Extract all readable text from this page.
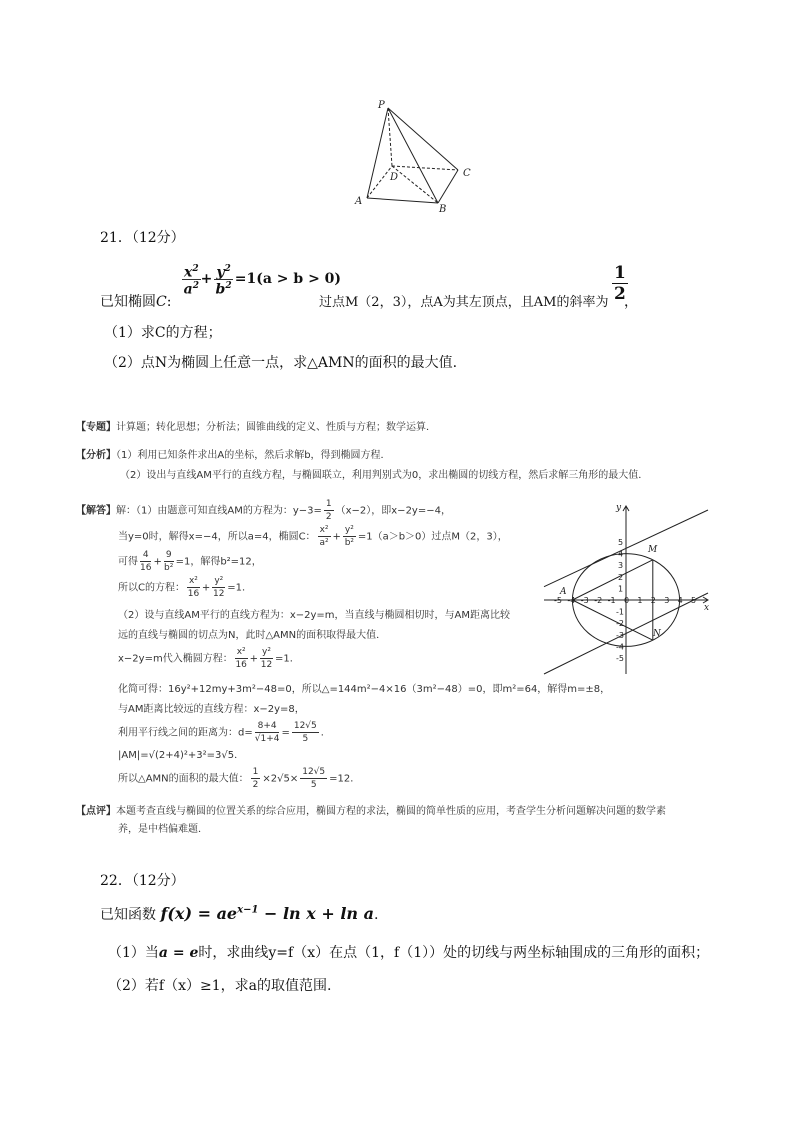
P
D	C
A
B
21．（12分）
已知椭圆C:
$\frac{x^2}{a^2} + \frac{y^2}{b^2} =1(a > b > 0)$
过点M（2，3），点A为其左顶点，且AM的斜率为 $\frac{1}{2}$
，
（1）求C的方程；
（2）点N为椭圆上任意一点，求△AMN的面积的最大值.
【专题】计算题；转化思想；分析法；圆锥曲线的定义、性质与方程；数学运算．
【分析】（1）利用已知条件求出A的坐标，然后求解b，得到椭圆方程．
（2）设出与直线AM平行的直线方程，与椭圆联立，利用判别式为0，求出椭圆的切线方程，然后求解三角形的最大值．
【解答】解：（1）由题意可知直线AM的方程为：$y-3= \frac{1}{2} (x-2)$，即x−2y=−4，
当y=0时，解得x=−4，所以a=4，椭圆C： $\frac{\text{x²}}{\text{a²}} + \frac{\text{y²}}{\text{b²}} =1(a>b>0)$过点M（2，3），
可得 $\frac{4}{16} + \frac{9}{\text{b²}} =1$，解得b²=12，
所以C的方程： $\frac{\text{x²}}{16} + \frac{\text{y²}}{12} =1$．
（2）设与直线AM平行的直线方程为：x−2y=m，当直线与椭圆相切时，与AM距离比较
远的直线与椭圆的切点为N，此时△AMN的面积取得最大值．
x−2y=m代入椭圆方程： $\frac{\text{x²}}{16} + \frac{\text{y²}}{12} =1$．
化简可得：16y²+12my+3m²−48=0，所以△=144m²−4×16（3m²−48）=0，即m²=64，解得m=±8，
与AM距离比较远的直线方程：x−2y=8，
利用平行线之间的距离为：$d= \frac{8+4}{√1+4} = \frac{12√5}{5}$ ．
|AM|=√(2+4)²+3²=3√5．
所以△AMN的面积的最大值： $\frac{1}{2} \times 2√5\times \frac{12√5}{5} =12$．
【点评】本题考查直线与椭圆的位置关系的综合应用，椭圆方程的求法，椭圆的简单性质的应用，考查学生分析问题解决问题的数学素
养，是中档偏难题．
-5 -4 -3 -2 -1 0 1 2 3 4 5
5
4
3
2
1
-1
-2
-3
-4
-5
x
y
A
M
N
22．（12分）
已知函数 $f(x) = ae^{x-1} - \ln x + \ln a$.
（1）当a = e时，求曲线y=f（x）在点（1，f（1））处的切线与两坐标轴围成的三角形的面积；
（2）若f（x）≥1，求a的取值范围.
